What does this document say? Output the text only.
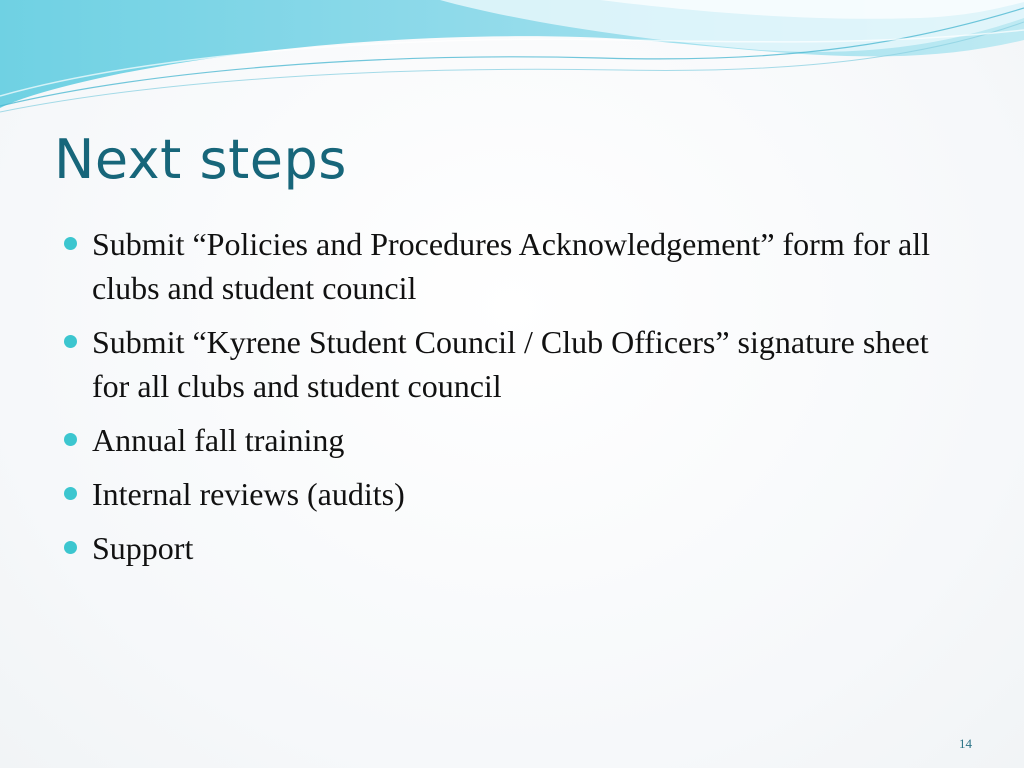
Next steps
Submit “Policies and Procedures Acknowledgement” form for all clubs and student council
Submit “Kyrene Student Council / Club Officers” signature sheet for all clubs and student council
Annual fall training
Internal reviews (audits)
Support
14
